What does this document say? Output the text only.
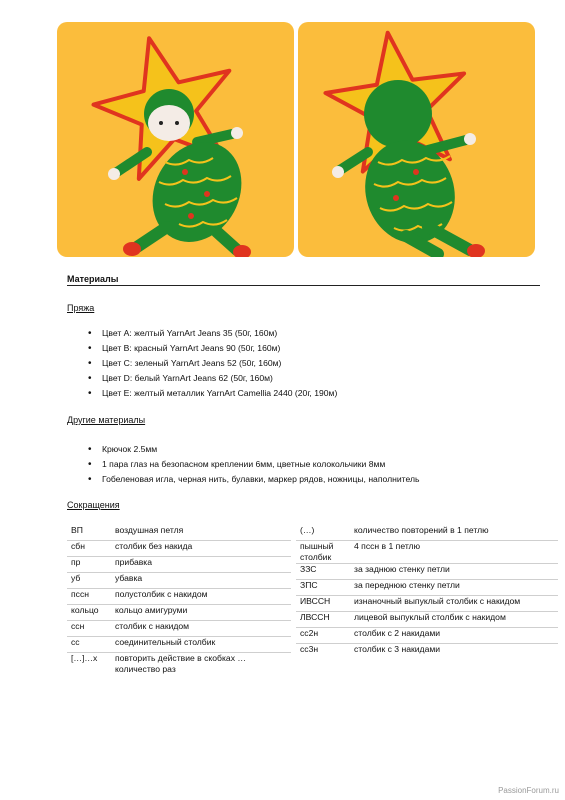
Материалы
Пряжа
• Цвет А: желтый YarnArt Jeans 35 (50г, 160м)
• Цвет B: красный YarnArt Jeans 90 (50г, 160м)
• Цвет C: зеленый YarnArt Jeans 52 (50г, 160м)
• Цвет D: белый YarnArt Jeans 62 (50г, 160м)
• Цвет E: желтый металлик YarnArt Camellia 2440 (20г, 190м)
Другие материалы
• Крючок 2.5мм
• 1 пара глаз на безопасном креплении 6мм, цветные колокольчики 8мм
• Гобеленовая игла, черная нить, булавки, маркер рядов, ножницы, наполнитель
Сокращения
ВП	воздушная петля
сбн	столбик без накида
пр	прибавка
уб	убавка
пссн	полустолбик с накидом
кольцо	кольцо амигуруми
ссн	столбик с накидом
сс	соединительный столбик
[…]…х	повторить действие в скобках … количество раз
(…)	количество повторений в 1 петлю
пышный столбик	4 пссн в 1 петлю
ЗЗС	за заднюю стенку петли
ЗПС	за переднюю стенку петли
ИВССН	изнаночный выпуклый столбик с накидом
ЛВССН	лицевой выпуклый столбик с накидом
сс2н	столбик с 2 накидами
сс3н	столбик с 3 накидами
PassionForum.ru
